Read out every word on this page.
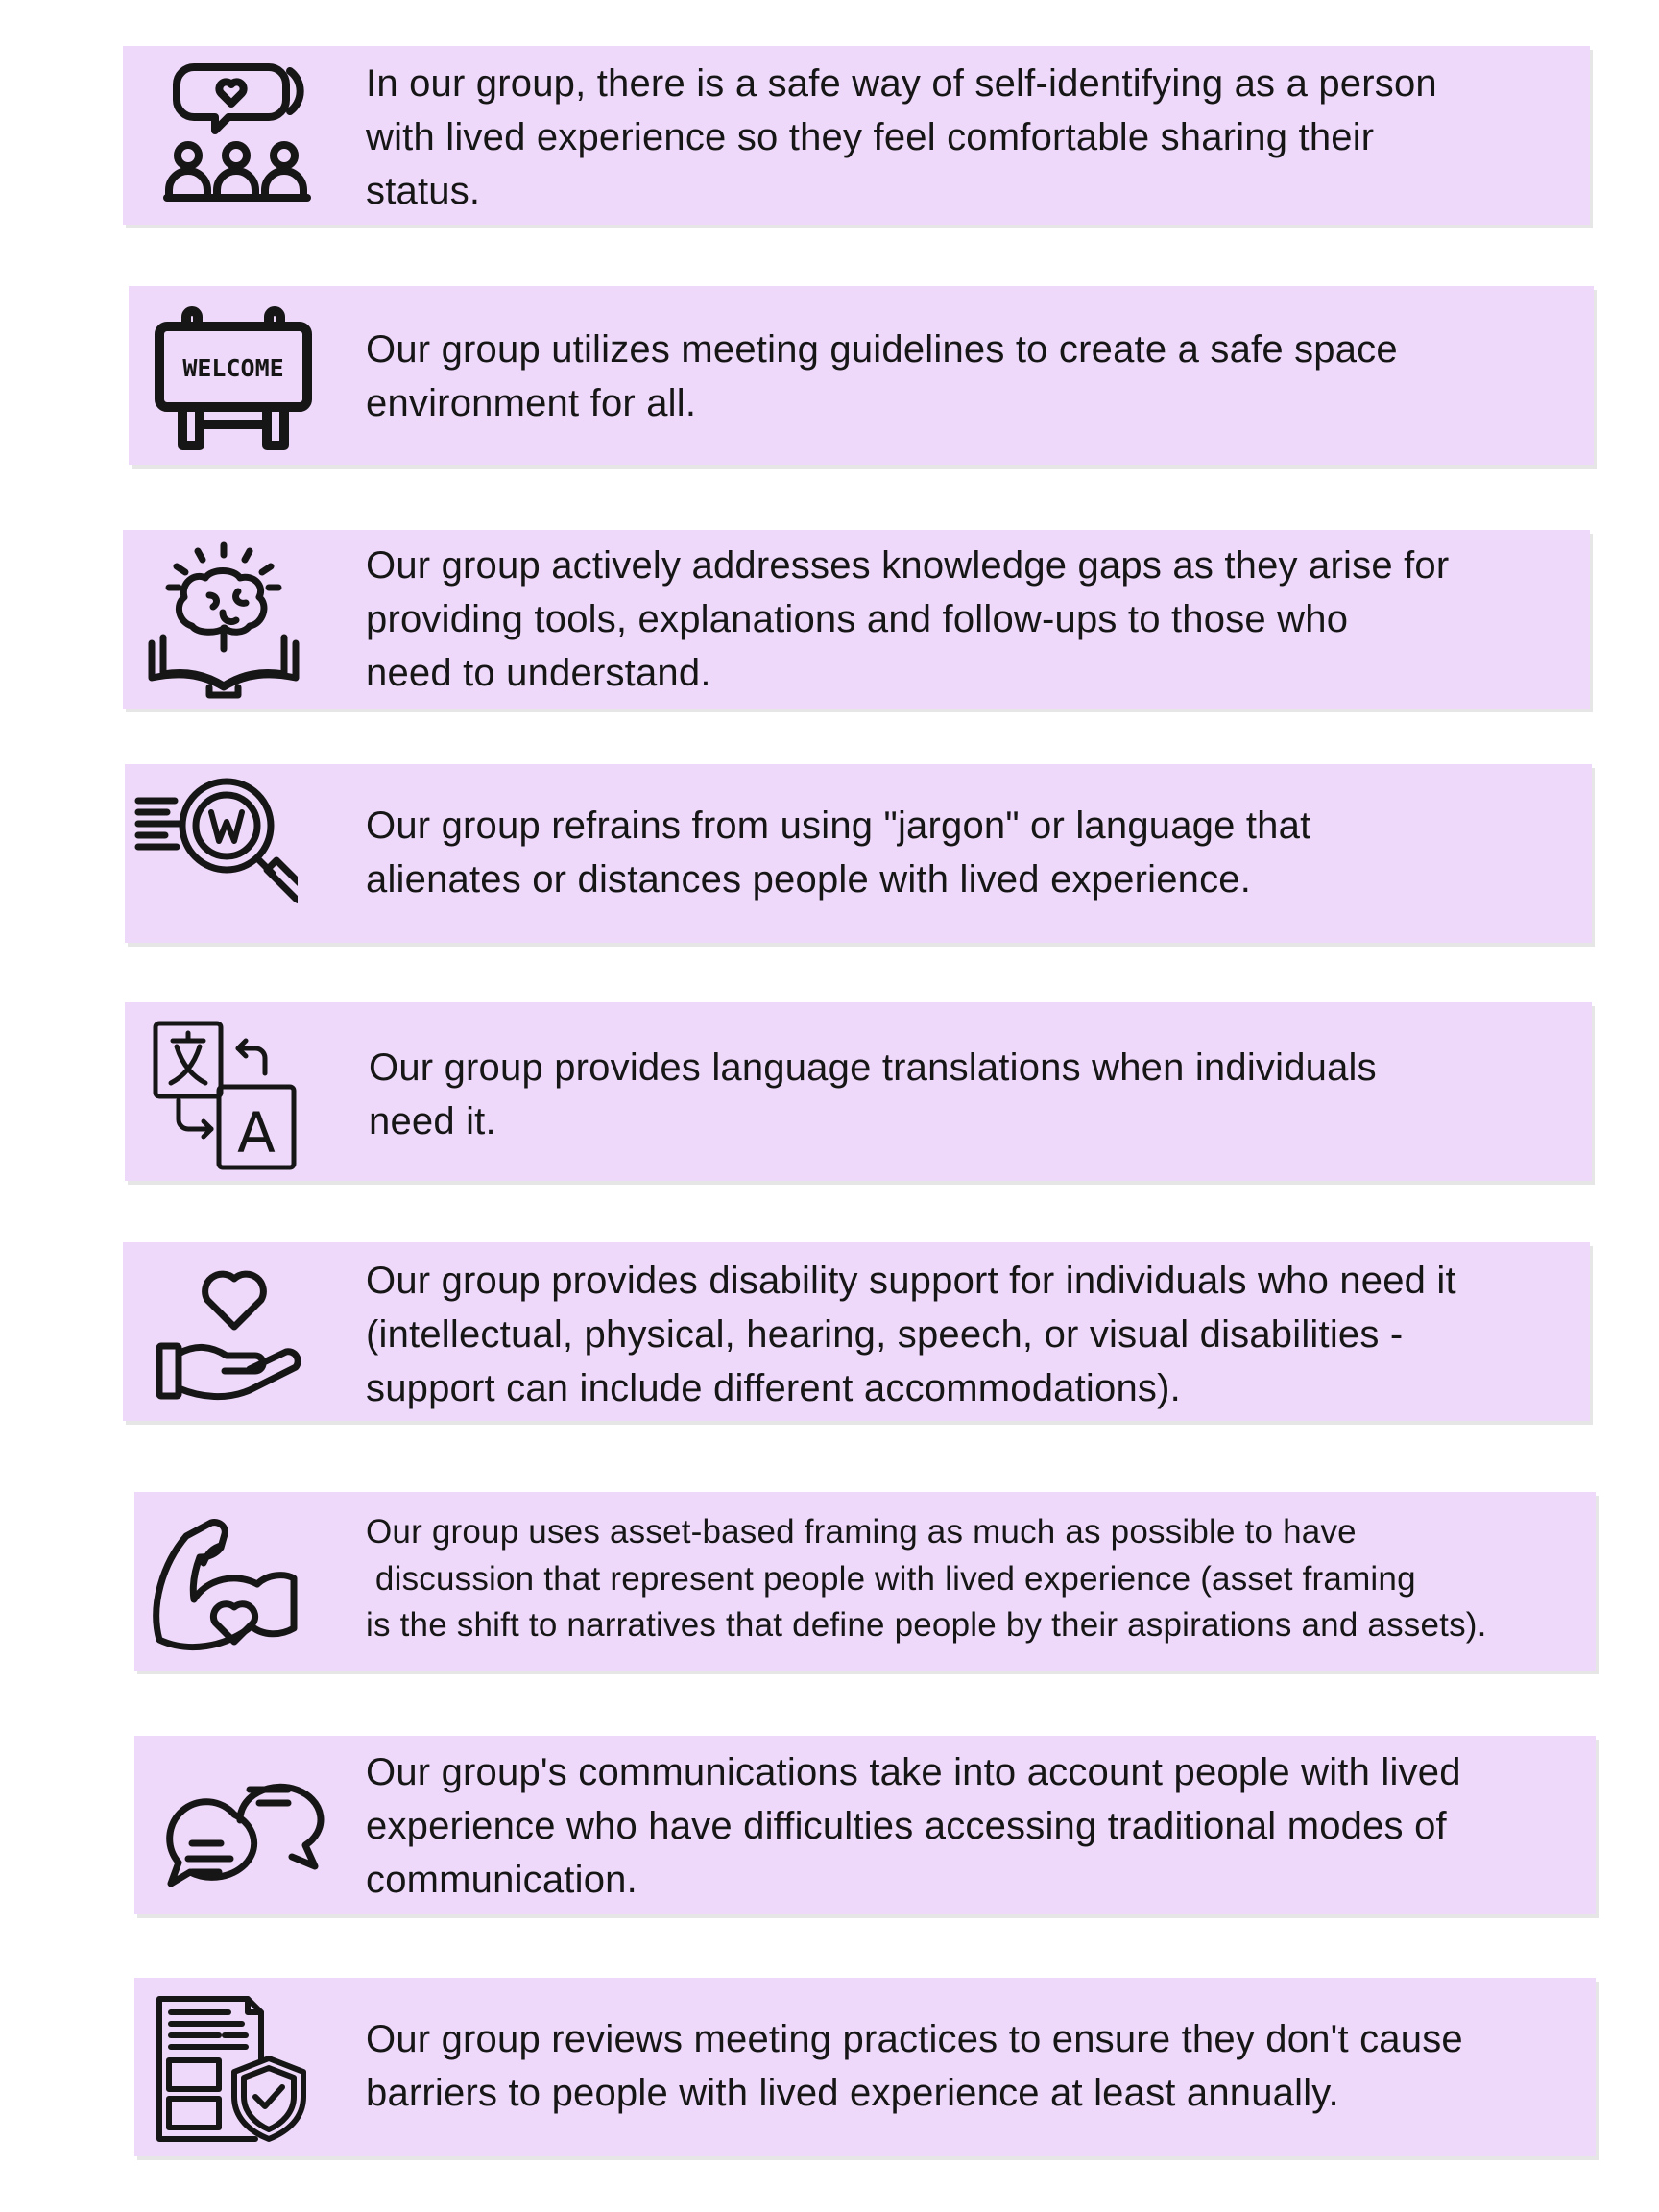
In our group, there is a safe way of self-identifying as a person
with lived experience so they feel comfortable sharing their
status.

WELCOME Our group utilizes meeting guidelines to create a safe space
environment for all.

Our group actively addresses knowledge gaps as they arise for
providing tools, explanations and follow-ups to those who
need to understand.

Our group refrains from using "jargon" or language that
alienates or distances people with lived experience.

A

Our group provides language translations when individuals
need it.

Our group provides disability support for individuals who need it
(intellectual, physical, hearing, speech, or visual disabilities -
support can include different accommodations).

Our group uses asset-based framing as much as possible to have
discussion that represent people with lived experience (asset framing
is the shift to narratives that define people by their aspirations and assets).

Our group's communications take into account people with lived
experience who have difficulties accessing traditional modes of
communication.

Our group reviews meeting practices to ensure they don't cause
barriers to people with lived experience at least annually.
